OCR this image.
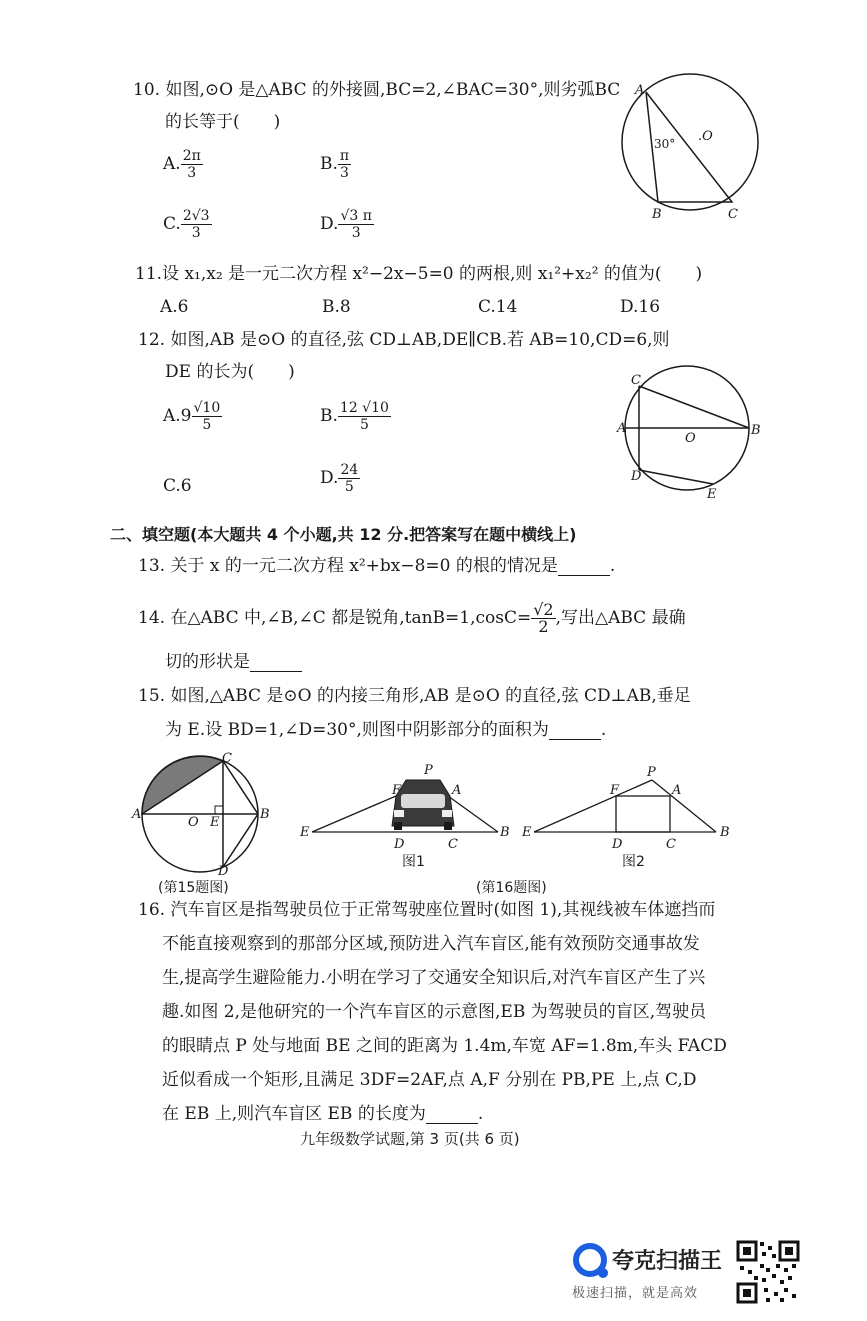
10. 如图,⊙O 是△ABC 的外接圆,BC=2,∠BAC=30°,则劣弧BC
的长等于(　　)
A. $\frac{2\pi}{3}$	B. $\frac{\pi}{3}$
C. $\frac{2√3}{3}$	D. $\frac{√3 \pi}{3}$
A
B	C
.O
30°
11.设 x₁,x₂ 是一元二次方程 x²−2x−5=0 的两根,则 x₁²+x₂² 的值为(　　)
A.6	B.8	C.14	D.16
12. 如图,AB 是⊙O 的直径,弦 CD⊥AB,DE∥CB.若 AB=10,CD=6,则
DE 的长为(　　)
$A.9 \frac{√10}{5}$	B. $\frac{12 √10}{5}$
C.6	D. $\frac{24}{5}$
C
A
O
B
D
E
二、填空题(本大题共 4 个小题,共 12 分.把答案写在题中横线上)
13. 关于 x 的一元二次方程 x²+bx−8=0 的根的情况是	.
14. 在△ABC 中,∠B,∠C 都是锐角$,\tan B=1,\cos C= \frac{√2}{2}$ ,写出△ABC 最确
切的形状是
15. 如图,△ABC 是⊙O 的内接三角形,AB 是⊙O 的直径,弦 CD⊥AB,垂足
为 E.设 BD=1,∠D=30°,则图中阴影部分的面积为	.
C
A
O E
B
D
P
F	A
E	B
D	C
图1
P
F	A
E	B
D	C
图2
(第15题图)	(第16题图)
16. 汽车盲区是指驾驶员位于正常驾驶座位置时(如图 1),其视线被车体遮挡而
不能直接观察到的那部分区域,预防进入汽车盲区,能有效预防交通事故发
生,提高学生避险能力.小明在学习了交通安全知识后,对汽车盲区产生了兴
趣.如图 2,是他研究的一个汽车盲区的示意图,EB 为驾驶员的盲区,驾驶员
的眼睛点 P 处与地面 BE 之间的距离为 1.4m,车宽 AF=1.8m,车头 FACD
近似看成一个矩形,且满足 3DF=2AF,点 A,F 分别在 PB,PE 上,点 C,D
在 EB 上,则汽车盲区 EB 的长度为	.
九年级数学试题,第 3 页(共 6 页)
夸克扫描王
极速扫描，就是高效
